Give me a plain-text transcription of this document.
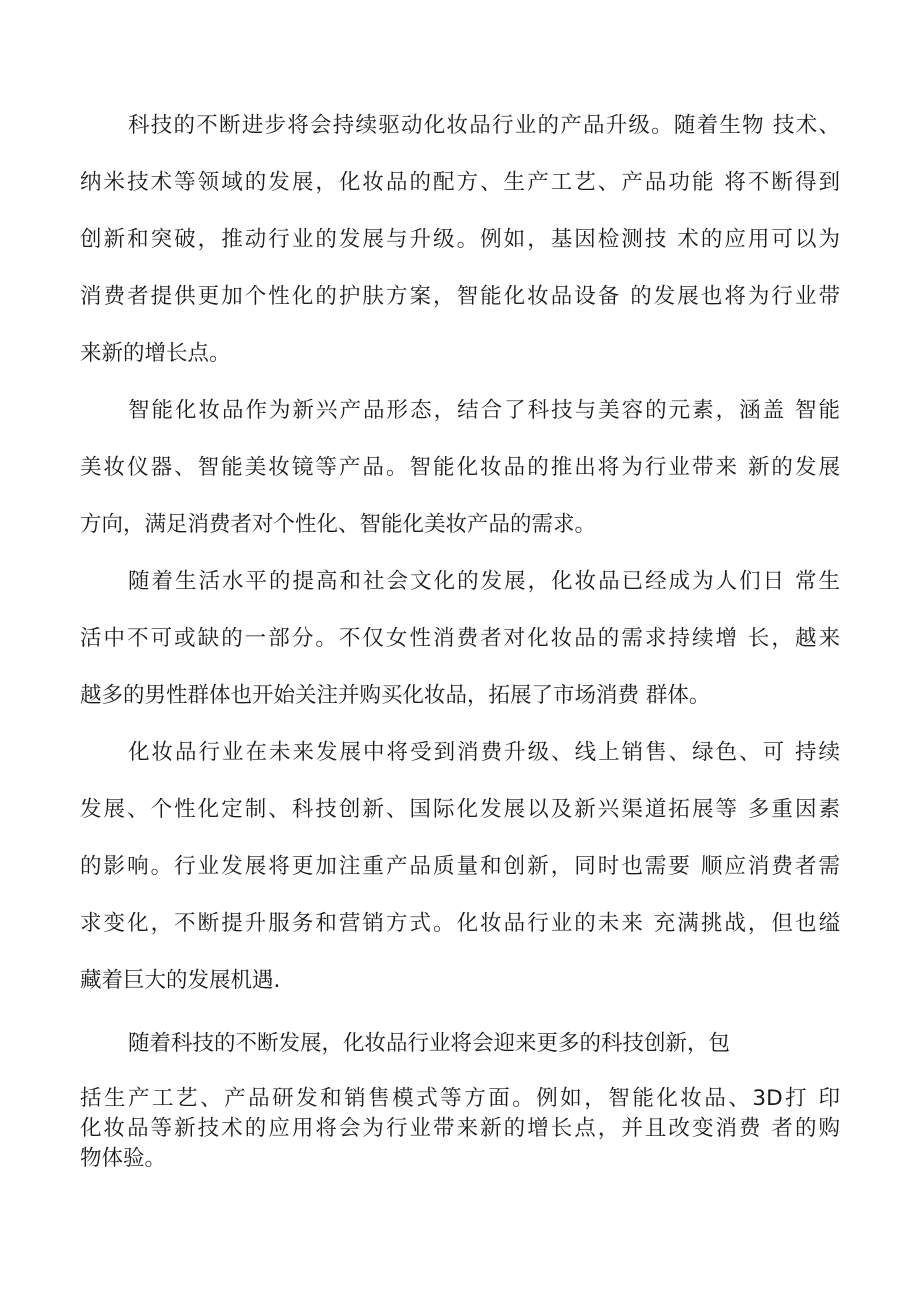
科技的不断进步将会持续驱动化妆品行业的产品升级。随着生物 技术、
纳米技术等领域的发展，化妆品的配方、生产工艺、产品功能 将不断得到
创新和突破，推动行业的发展与升级。例如，基因检测技 术的应用可以为
消费者提供更加个性化的护肤方案，智能化妆品设备 的发展也将为行业带
来新的增长点。
智能化妆品作为新兴产品形态，结合了科技与美容的元素，涵盖 智能
美妆仪器、智能美妆镜等产品。智能化妆品的推出将为行业带来 新的发展
方向，满足消费者对个性化、智能化美妆产品的需求。
随着生活水平的提高和社会文化的发展，化妆品已经成为人们日 常生
活中不可或缺的一部分。不仅女性消费者对化妆品的需求持续增 长，越来
越多的男性群体也开始关注并购买化妆品，拓展了市场消费 群体。
化妆品行业在未来发展中将受到消费升级、线上销售、绿色、可 持续
发展、个性化定制、科技创新、国际化发展以及新兴渠道拓展等 多重因素
的影响。行业发展将更加注重产品质量和创新，同时也需要 顺应消费者需
求变化，不断提升服务和营销方式。化妆品行业的未来 充满挑战，但也缢
藏着巨大的发展机遇.
随着科技的不断发展，化妆品行业将会迎来更多的科技创新，包
括生产工艺、产品研发和销售模式等方面。例如，智能化妆品、3D打 印
化妆品等新技术的应用将会为行业带来新的增长点，并且改变消费 者的购
物体验。
